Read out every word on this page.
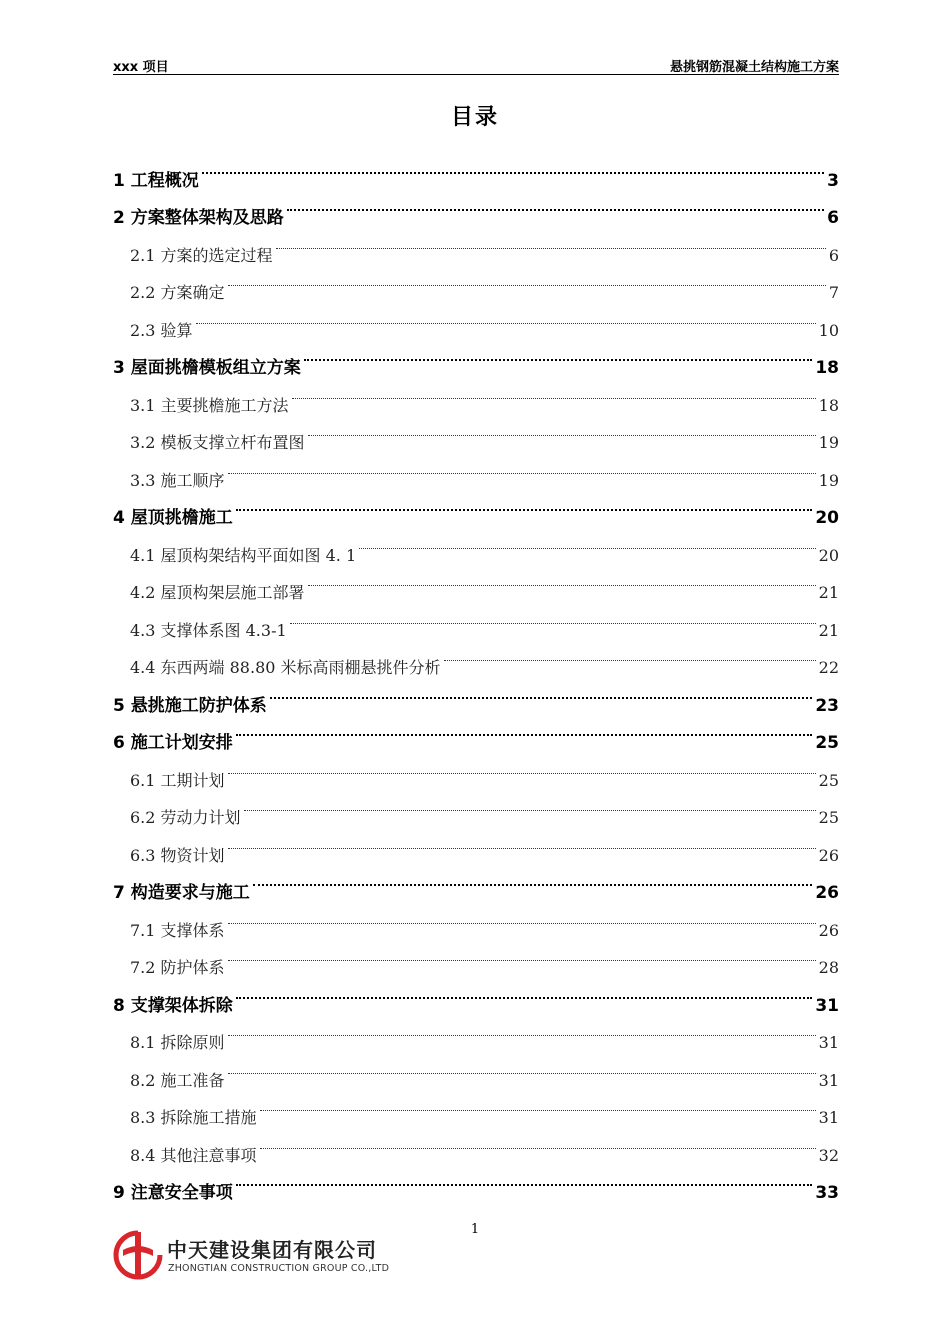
xxx 项目	悬挑钢筋混凝土结构施工方案
目录
1 工程概况	3
2 方案整体架构及思路	6
2.1 方案的选定过程	6
2.2 方案确定	7
2.3 验算	10
3 屋面挑檐模板组立方案	18
3.1 主要挑檐施工方法	18
3.2 模板支撑立杆布置图	19
3.3 施工顺序	19
4 屋顶挑檐施工	20
4.1 屋顶构架结构平面如图 4. 1	20
4.2 屋顶构架层施工部署	21
4.3 支撑体系图 4.3-1	21
4.4 东西两端 88.80 米标高雨棚悬挑件分析	22
5 悬挑施工防护体系	23
6 施工计划安排	25
6.1 工期计划	25
6.2 劳动力计划	25
6.3 物资计划	26
7 构造要求与施工	26
7.1 支撑体系	26
7.2 防护体系	28
8 支撑架体拆除	31
8.1 拆除原则	31
8.2 施工准备	31
8.3 拆除施工措施	31
8.4 其他注意事项	32
9 注意安全事项	33
1
中天建设集团有限公司
ZHONGTIAN CONSTRUCTION GROUP CO.,LTD
